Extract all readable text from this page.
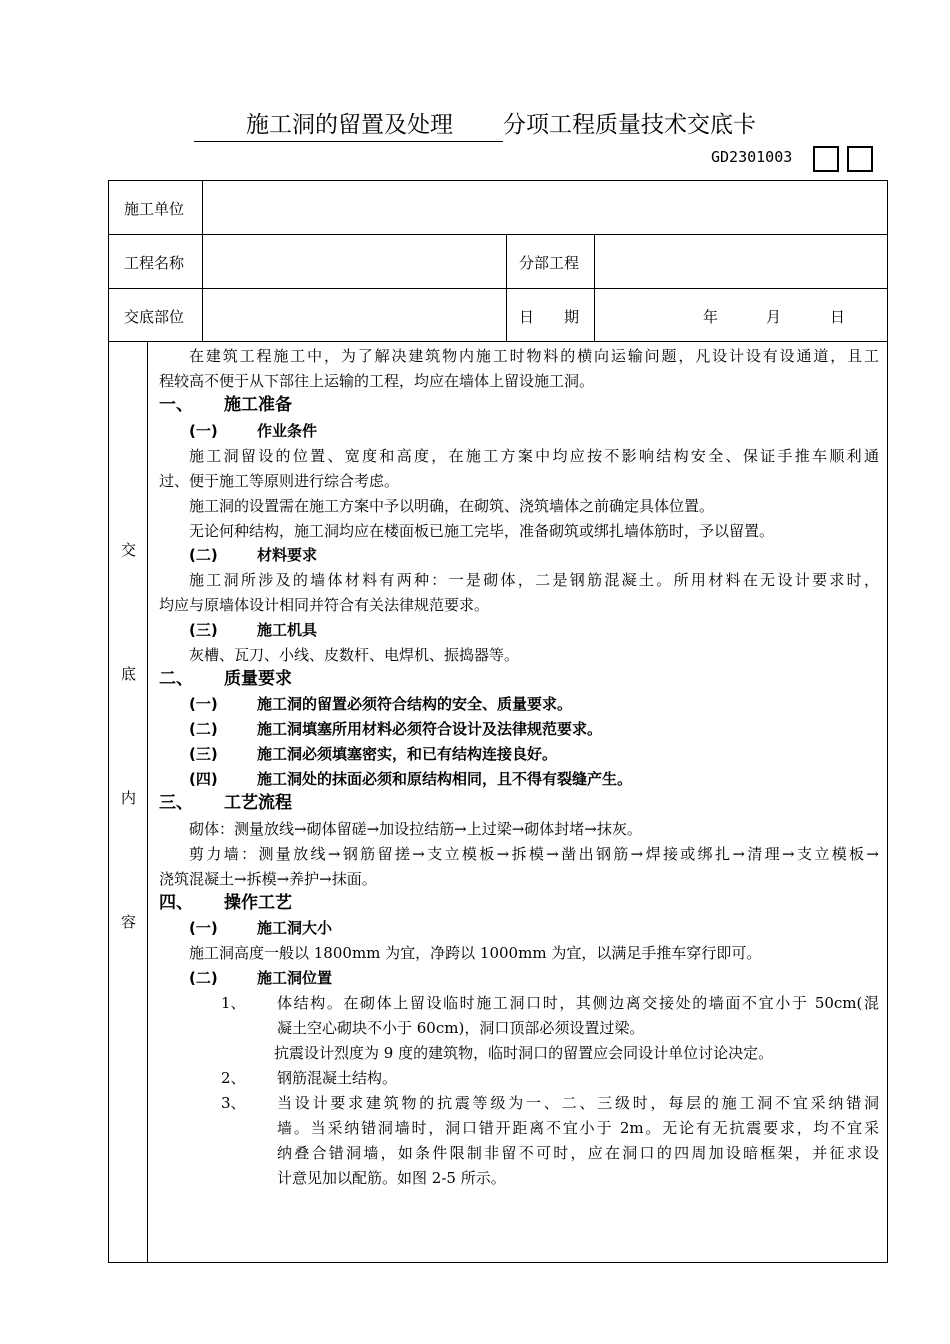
施工洞的留置及处理 分项工程质量技术交底卡
GD2301003
施工单位
工程名称	分部工程
交底部位	日　　期	年	月	日
交
底
内
容
在建筑工程施工中，为了解决建筑物内施工时物料的横向运输问题，凡设计设有设通道，且工
程较高不便于从下部往上运输的工程，均应在墙体上留设施工洞。
一、 施工准备
(一)	作业条件
施工洞留设的位置、宽度和高度，在施工方案中均应按不影响结构安全、保证手推车顺利通
过、便于施工等原则进行综合考虑。
施工洞的设置需在施工方案中予以明确，在砌筑、浇筑墙体之前确定具体位置。
无论何种结构，施工洞均应在楼面板已施工完毕，准备砌筑或绑扎墙体筋时，予以留置。
(二)	材料要求
施工洞所涉及的墙体材料有两种：一是砌体，二是钢筋混凝土。所用材料在无设计要求时，
均应与原墙体设计相同并符合有关法律规范要求。
(三)	施工机具
灰槽、瓦刀、小线、皮数杆、电焊机、振捣器等。
二、 质量要求
(一)	施工洞的留置必须符合结构的安全、质量要求。
(二)	施工洞填塞所用材料必须符合设计及法律规范要求。
(三)	施工洞必须填塞密实，和已有结构连接良好。
(四)	施工洞处的抹面必须和原结构相同，且不得有裂缝产生。
三、 工艺流程
砌体：测量放线→砌体留磋→加设拉结筋→上过梁→砌体封堵→抹灰。
剪力墙：测量放线→钢筋留搓→支立模板→拆模→凿出钢筋→焊接或绑扎→清理→支立模板→
浇筑混凝土→拆模→养护→抹面。
四、 操作工艺
(一)	施工洞大小
施工洞高度一般以 1800mm 为宜，净跨以 1000mm 为宜，以满足手推车穿行即可。
(二)	施工洞位置
1、 体结构。在砌体上留设临时施工洞口时，其侧边离交接处的墙面不宜小于 50cm(混
凝土空心砌块不小于 60cm)，洞口顶部必须设置过梁。
抗震设计烈度为 9 度的建筑物，临时洞口的留置应会同设计单位讨论决定。
2、 钢筋混凝土结构。
3、 当设计要求建筑物的抗震等级为一、二、三级时，每层的施工洞不宜采纳错洞
墙。当采纳错洞墙时，洞口错开距离不宜小于 2m。无论有无抗震要求，均不宜采
纳叠合错洞墙，如条件限制非留不可时，应在洞口的四周加设暗框架，并征求设
计意见加以配筋。如图 2-5 所示。
